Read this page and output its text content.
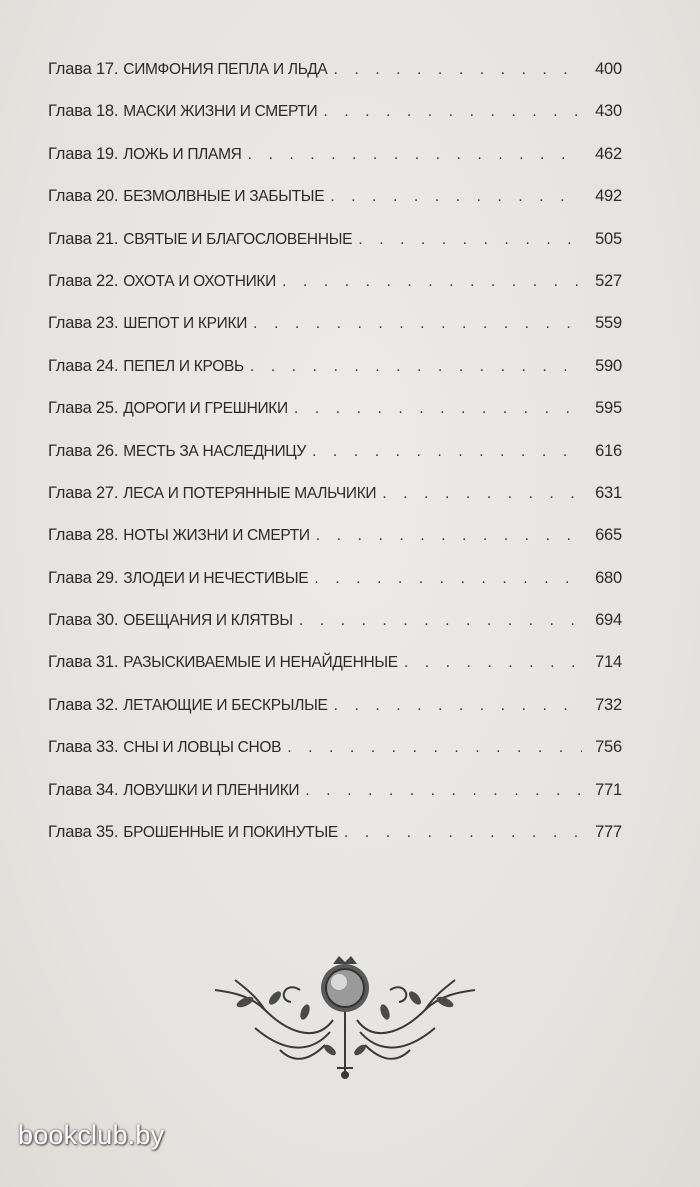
Глава 17. СИМФОНИЯ ПЕПЛА И ЛЬДА . . .	400
Глава 18. МАСКИ ЖИЗНИ И СМЕРТИ . . .	430
Глава 19. ЛОЖЬ И ПЛАМЯ . . .	462
Глава 20. БЕЗМОЛВНЫЕ И ЗАБЫТЫЕ . . .	492
Глава 21. СВЯТЫЕ И БЛАГОСЛОВЕННЫЕ . . .	505
Глава 22. ОХОТА И ОХОТНИКИ . . .	527
Глава 23. ШЕПОТ И КРИКИ . . .	559
Глава 24. ПЕПЕЛ И КРОВЬ . . .	590
Глава 25. ДОРОГИ И ГРЕШНИКИ . . .	595
Глава 26. МЕСТЬ ЗА НАСЛЕДНИЦУ . . .	616
Глава 27. ЛЕСА И ПОТЕРЯННЫЕ МАЛЬЧИКИ . . .	631
Глава 28. НОТЫ ЖИЗНИ И СМЕРТИ . . .	665
Глава 29. ЗЛОДЕИ И НЕЧЕСТИВЫЕ . . .	680
Глава 30. ОБЕЩАНИЯ И КЛЯТВЫ . . .	694
Глава 31. РАЗЫСКИВАЕМЫЕ И НЕНАЙДЕННЫЕ . . .	714
Глава 32. ЛЕТАЮЩИЕ И БЕСКРЫЛЫЕ . . .	732
Глава 33. СНЫ И ЛОВЦЫ СНОВ . . .	756
Глава 34. ЛОВУШКИ И ПЛЕННИКИ . . .	771
Глава 35. БРОШЕННЫЕ И ПОКИНУТЫЕ . . .	777
bookclub.by
